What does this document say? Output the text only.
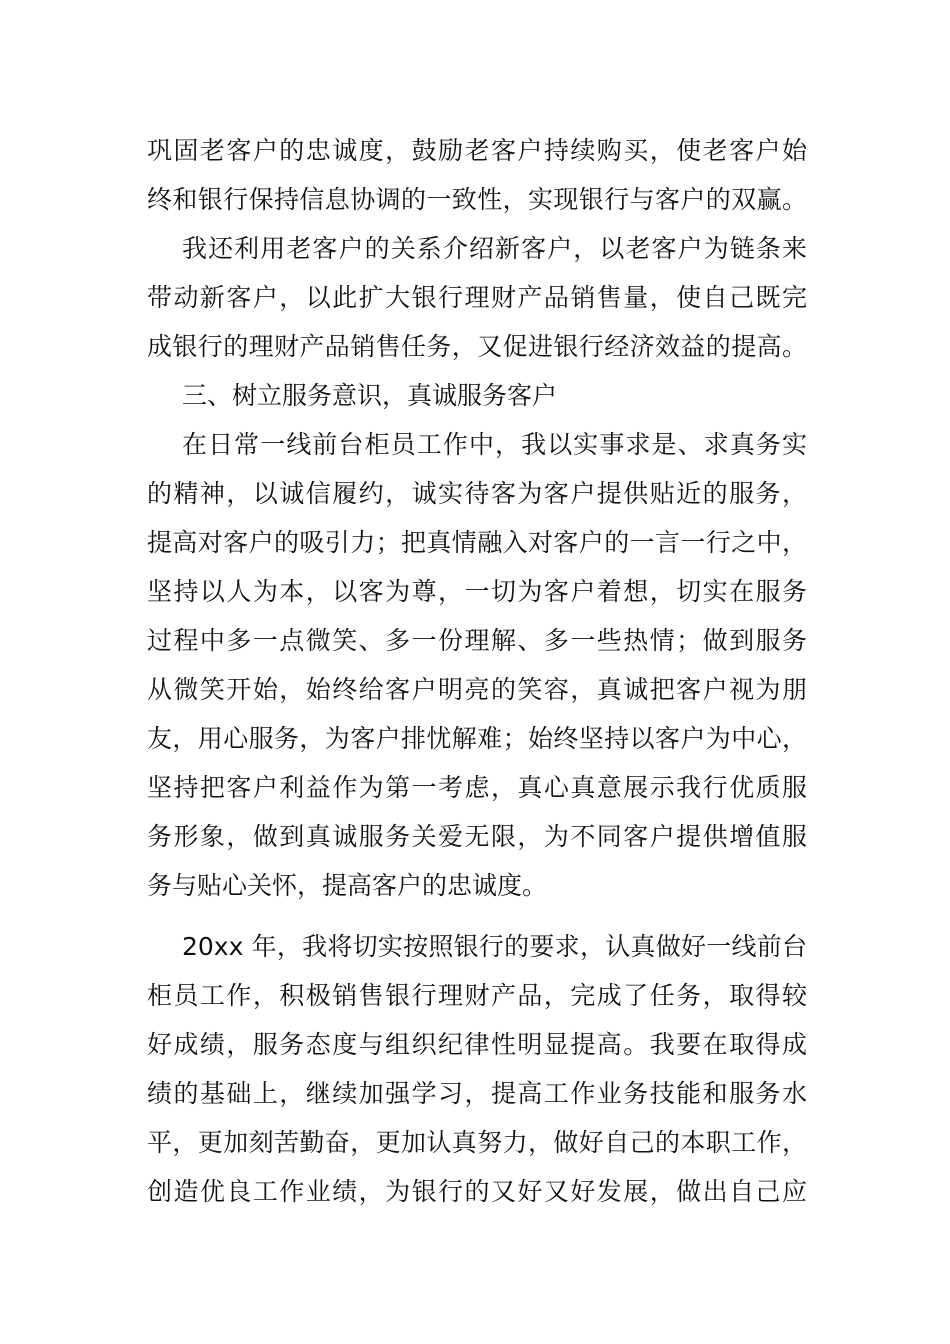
巩固老客户的忠诚度，鼓励老客户持续购买，使老客户始
终和银行保持信息协调的一致性，实现银行与客户的双赢。
我还利用老客户的关系介绍新客户，以老客户为链条来
带动新客户，以此扩大银行理财产品销售量，使自己既完
成银行的理财产品销售任务，又促进银行经济效益的提高。
三、树立服务意识，真诚服务客户
在日常一线前台柜员工作中，我以实事求是、求真务实
的精神，以诚信履约，诚实待客为客户提供贴近的服务，
提高对客户的吸引力；把真情融入对客户的一言一行之中，
坚持以人为本，以客为尊，一切为客户着想，切实在服务
过程中多一点微笑、多一份理解、多一些热情；做到服务
从微笑开始，始终给客户明亮的笑容，真诚把客户视为朋
友，用心服务，为客户排忧解难；始终坚持以客户为中心，
坚持把客户利益作为第一考虑，真心真意展示我行优质服
务形象，做到真诚服务关爱无限，为不同客户提供增值服
务与贴心关怀，提高客户的忠诚度。
20xx 年，我将切实按照银行的要求，认真做好一线前台
柜员工作，积极销售银行理财产品，完成了任务，取得较
好成绩，服务态度与组织纪律性明显提高。我要在取得成
绩的基础上，继续加强学习，提高工作业务技能和服务水
平，更加刻苦勤奋，更加认真努力，做好自己的本职工作，
创造优良工作业绩，为银行的又好又好发展，做出自己应
